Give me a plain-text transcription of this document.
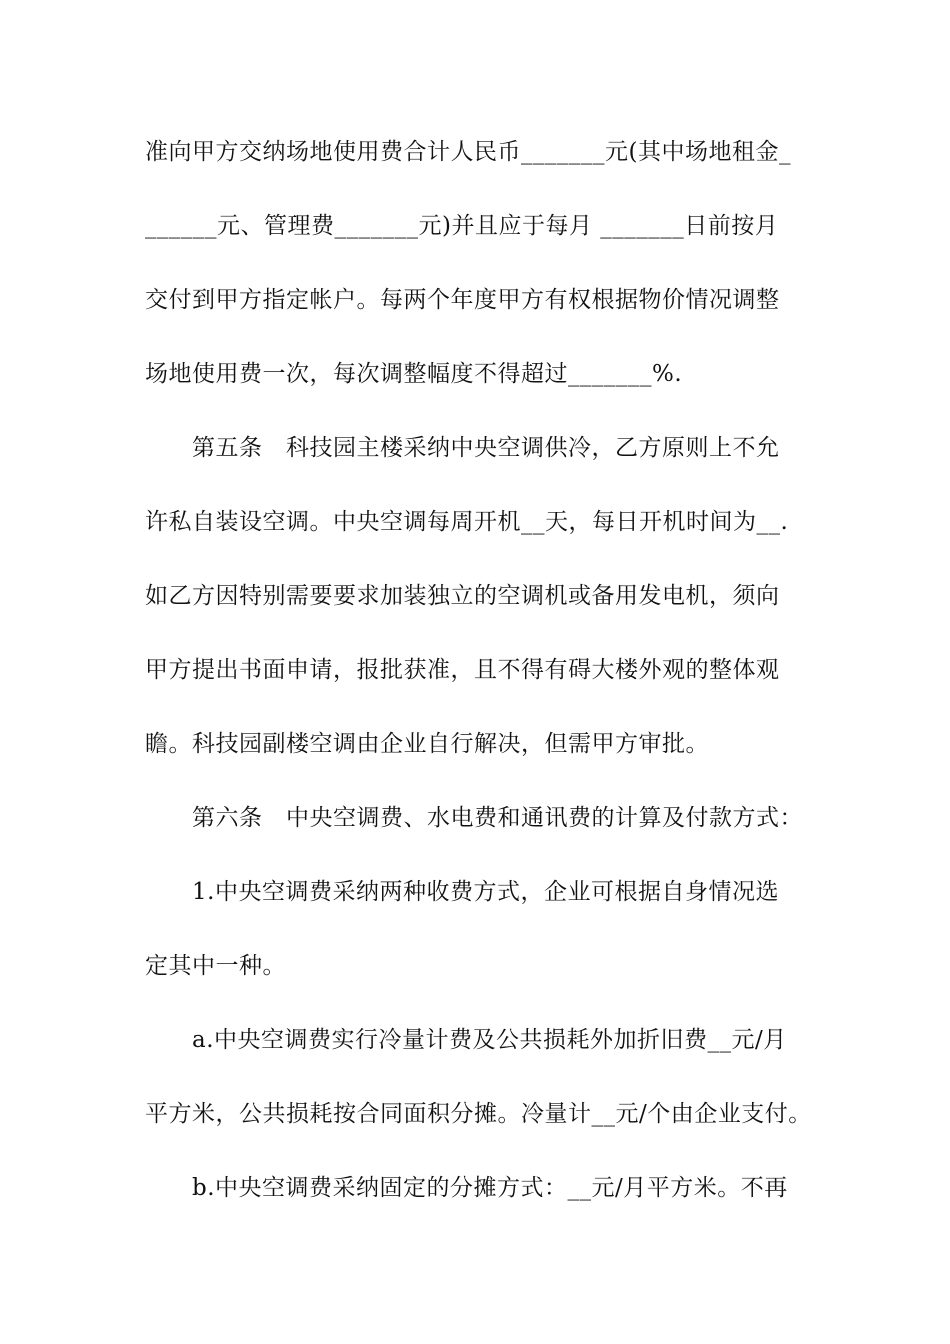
准向甲方交纳场地使用费合计人民币_______元(其中场地租金_
______元、管理费_______元)并且应于每月 _______日前按月
交付到甲方指定帐户。每两个年度甲方有权根据物价情况调整
场地使用费一次，每次调整幅度不得超过_______%.
第五条　科技园主楼采纳中央空调供冷，乙方原则上不允
许私自装设空调。中央空调每周开机__天，每日开机时间为__.
如乙方因特别需要要求加装独立的空调机或备用发电机，须向
甲方提出书面申请，报批获准，且不得有碍大楼外观的整体观
瞻。科技园副楼空调由企业自行解决，但需甲方审批。
第六条　中央空调费、水电费和通讯费的计算及付款方式：
1.中央空调费采纳两种收费方式，企业可根据自身情况选
定其中一种。
a.中央空调费实行冷量计费及公共损耗外加折旧费__元/月
平方米，公共损耗按合同面积分摊。冷量计__元/个由企业支付。
b.中央空调费采纳固定的分摊方式：__元/月平方米。不再
